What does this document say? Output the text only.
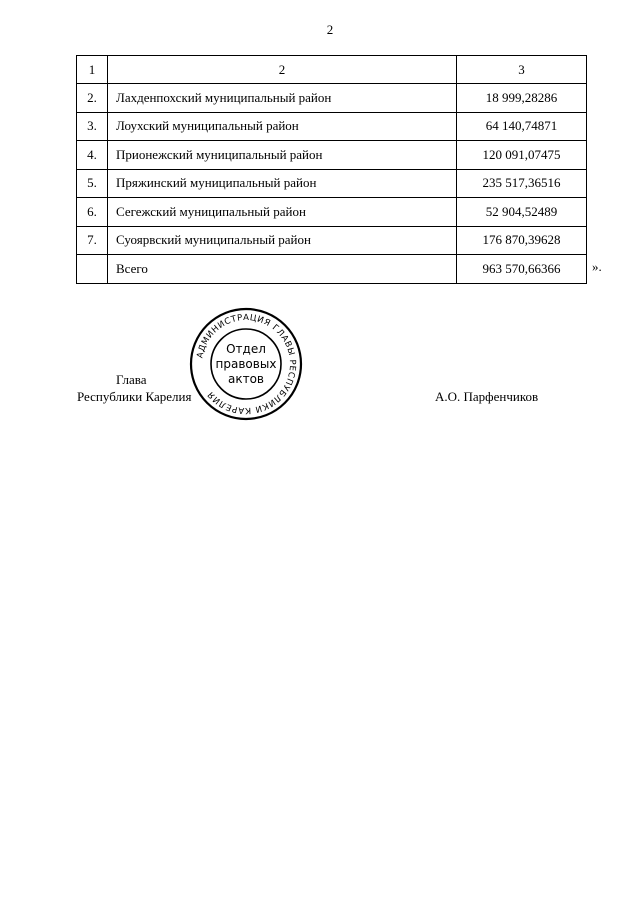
2
1	2	3
2.	Лахденпохский муниципальный район	18 999,28286
3.	Лоухский муниципальный район	64 140,74871
4.	Прионежский муниципальный район	120 091,07475
5.	Пряжинский муниципальный район	235 517,36516
6.	Сегежский муниципальный район	52 904,52489
7.	Суоярвский муниципальный район	176 870,39628
	Всего	963 570,66366 ».
Глава
Республики Карелия	А.О. Парфенчиков
АДМИНИСТРАЦИЯ ГЛАВЫ РЕСПУБЛИКИ КАРЕЛИЯ
Отдел
правовых
актов
